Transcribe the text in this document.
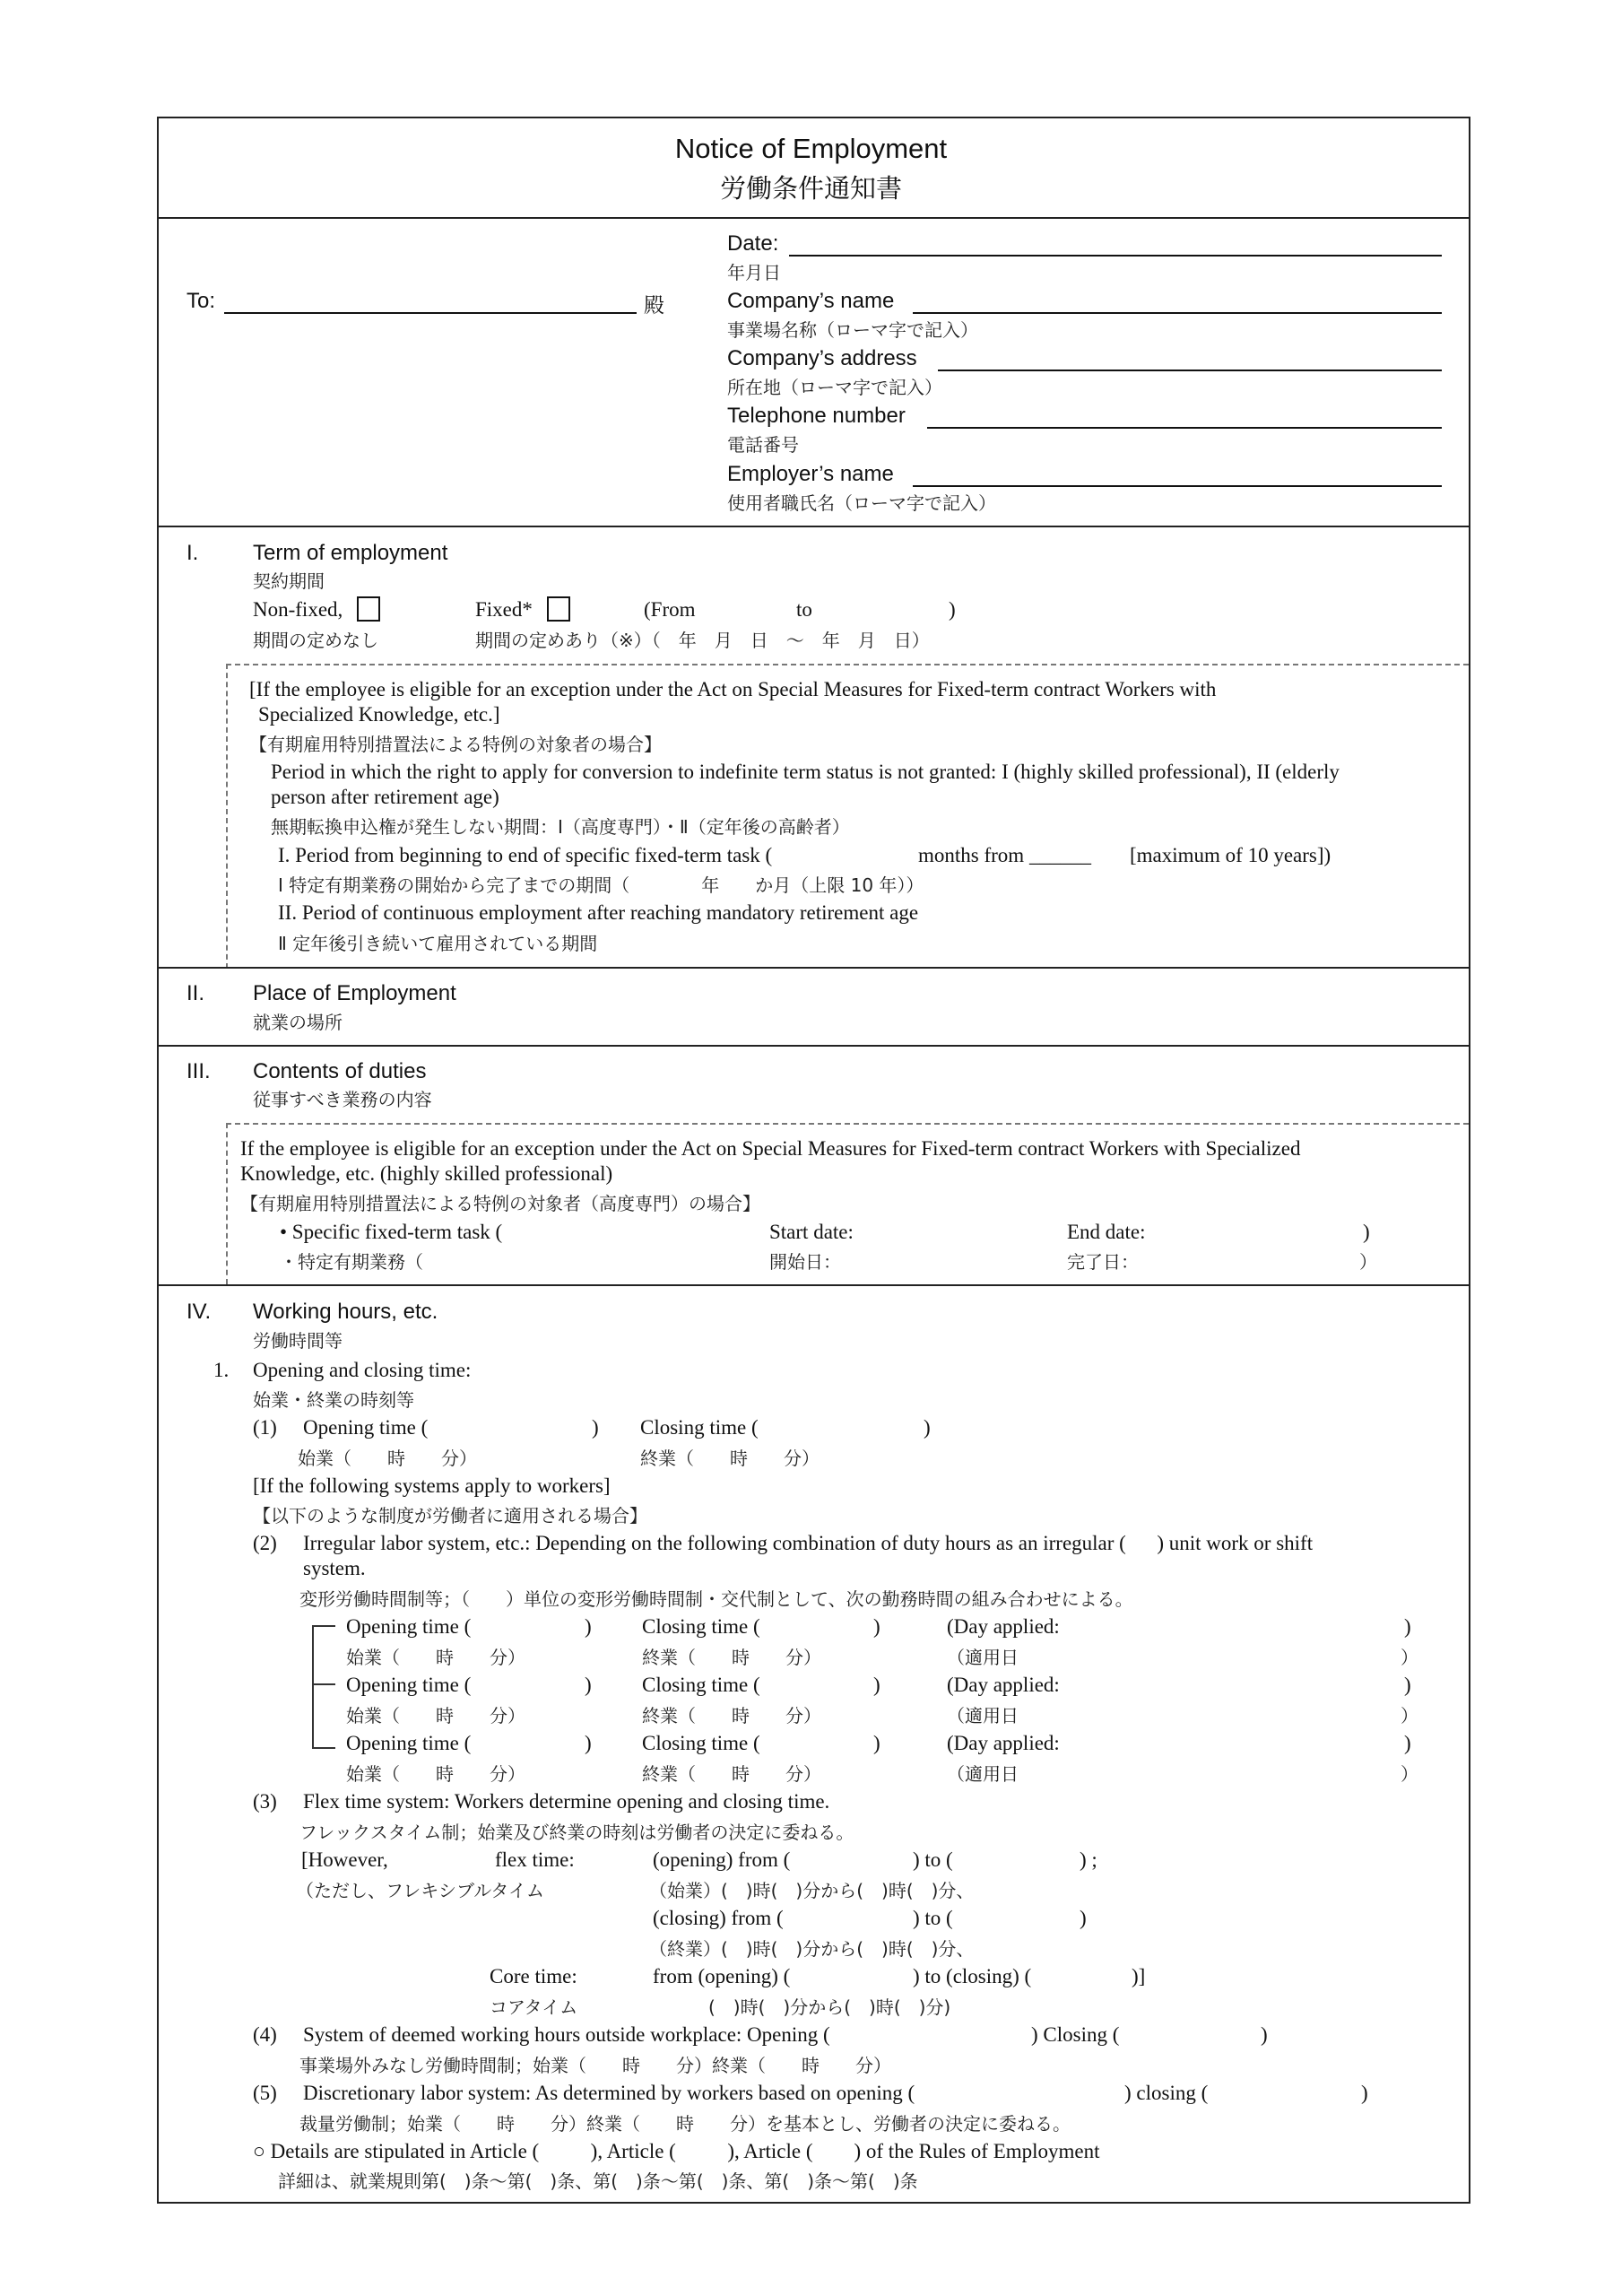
Notice of Employment
労働条件通知書
To:	殿
Date:
年月日
Company’s name
事業場名称（ローマ字で記入）
Company’s address
所在地（ローマ字で記入）
Telephone number
電話番号
Employer’s name
使用者職氏名（ローマ字で記入）
I.	Term of employment
契約期間
Non-fixed,	Fixed*	(From	to	)
期間の定めなし	期間の定めあり（※）（　年　月　日　～　年　月　日）
[If the employee is eligible for an exception under the Act on Special Measures for Fixed-term contract Workers with
Specialized Knowledge, etc.]
【有期雇用特別措置法による特例の対象者の場合】
Period in which the right to apply for conversion to indefinite term status is not granted: I (highly skilled professional), II (elderly
person after retirement age)
無期転換申込権が発生しない期間：Ⅰ（高度専門）・Ⅱ（定年後の高齢者）
I. Period from beginning to end of specific fixed-term task (	months from ______ [maximum of 10 years])
Ⅰ 特定有期業務の開始から完了までの期間（　　　　年　　か月（上限 10 年））
II. Period of continuous employment after reaching mandatory retirement age
Ⅱ 定年後引き続いて雇用されている期間
II. Place of Employment
就業の場所
III. Contents of duties
従事すべき業務の内容
If the employee is eligible for an exception under the Act on Special Measures for Fixed-term contract Workers with Specialized
Knowledge, etc. (highly skilled professional)
【有期雇用特別措置法による特例の対象者（高度専門）の場合】
• Specific fixed-term task (	Start date:	End date:	)
・特定有期業務（	開始日：	完了日：	）
IV. Working hours, etc.
労働時間等
1. Opening and closing time:
始業・終業の時刻等
(1) Opening time (	) Closing time (	)
始業（　　時　　分）	終業（　　時　　分）
[If the following systems apply to workers]
【以下のような制度が労働者に適用される場合】
(2) Irregular labor system, etc.: Depending on the following combination of duty hours as an irregular (      ) unit work or shift
system.
変形労働時間制等；（　　）単位の変形労働時間制・交代制として、次の勤務時間の組み合わせによる。
Opening time (	) Closing time (	)	(Day applied:	)
始業（　　時　　分）	終業（　　時　　分）	（適用日	）
Opening time (	) Closing time (	)	(Day applied:	)
始業（　　時　　分）	終業（　　時　　分）	（適用日	）
Opening time (	) Closing time (	)	(Day applied:	)
始業（　　時　　分）	終業（　　時　　分）	（適用日	）
(3) Flex time system: Workers determine opening and closing time.
フレックスタイム制；始業及び終業の時刻は労働者の決定に委ねる。
[However,	flex time:	(opening) from (	) to (	) ;
（ただし、フレキシブルタイム	（始業）(　)時(　)分から(　)時(　)分、
(closing) from (	) to (	)
（終業）(　)時(　)分から(　)時(　)分、
Core time:	from (opening) (	) to (closing) (	)]
コアタイム	(　)時(　)分から(　)時(　)分)
(4) System of deemed working hours outside workplace: Opening (	) Closing (	)
事業場外みなし労働時間制；始業（　　時　　分）終業（　　時　　分）
(5) Discretionary labor system: As determined by workers based on opening (	) closing (	)
裁量労働制；始業（　　時　　分）終業（　　時　　分）を基本とし、労働者の決定に委ねる。
○ Details are stipulated in Article (          ), Article (          ), Article (        ) of the Rules of Employment
詳細は、就業規則第(　)条～第(　)条、第(　)条～第(　)条、第(　)条～第(　)条
